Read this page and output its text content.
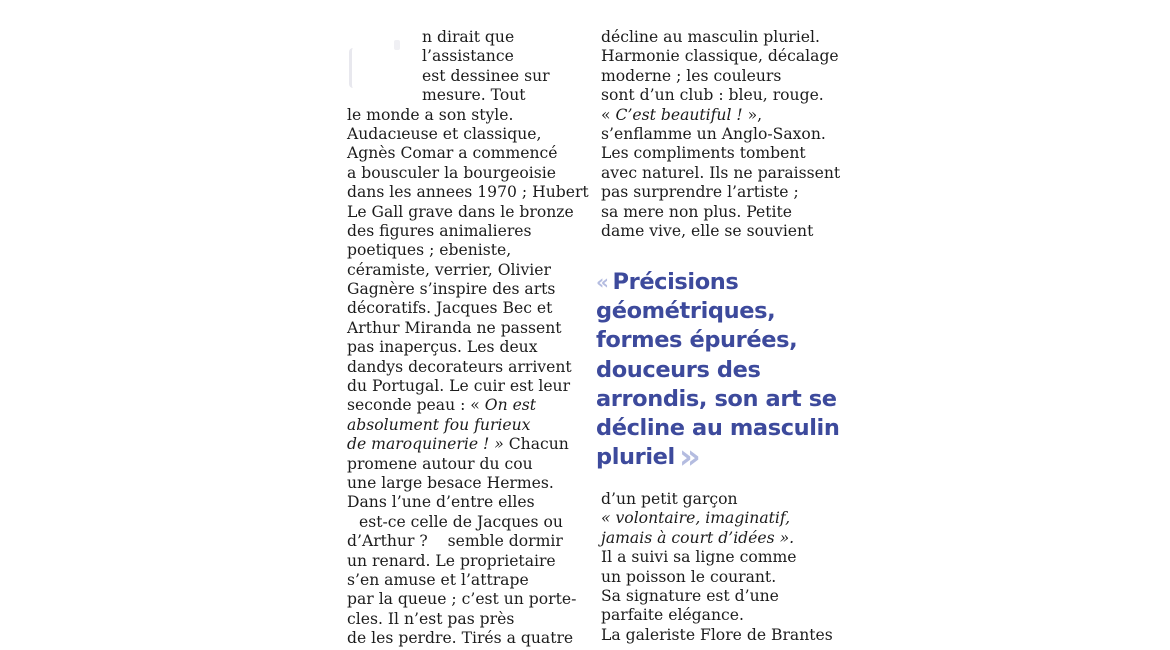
n dirait que
l’assistance
est dessinee sur
mesure. Tout
le monde a son style.
Audacıeuse et classique,
Agnès Comar a commencé
a bousculer la bourgeoisie
dans les annees 1970 ; Hubert
Le Gall grave dans le bronze
des figures animalieres
poetiques ; ebeniste,
céramiste, verrier, Olivier
Gagnère s’inspire des arts
décoratifs. Jacques Bec et
Arthur Miranda ne passent
pas inaperçus. Les deux
dandys decorateurs arrivent
du Portugal. Le cuir est leur
seconde peau : « On est
absolument fou furieux
de maroquinerie ! » Chacun
promene autour du cou
une large besace Hermes.
Dans l’une d’entre elles
est-ce celle de Jacques ou
d’Arthur ?    semble dormir
un renard. Le proprietaire
s’en amuse et l’attrape
par la queue ; c’est un porte-
cles. Il n’est pas près
de les perdre. Tirés a quatre
décline au masculin pluriel.
Harmonie classique, décalage
moderne ; les couleurs
sont d’un club : bleu, rouge.
« C’est beautiful ! »,
s’enflamme un Anglo-Saxon.
Les compliments tombent
avec naturel. Ils ne paraissent
pas surprendre l’artiste ;
sa mere non plus. Petite
dame vive, elle se souvient
« Précisions
géométriques,
formes épurées,
douceurs des
arrondis, son art se
décline au masculin
pluriel »
d’un petit garçon
« volontaire, imaginatif,
jamais à court d’idées ».
Il a suivi sa ligne comme
un poisson le courant.
Sa signature est d’une
parfaite elégance.
La galeriste Flore de Brantes
